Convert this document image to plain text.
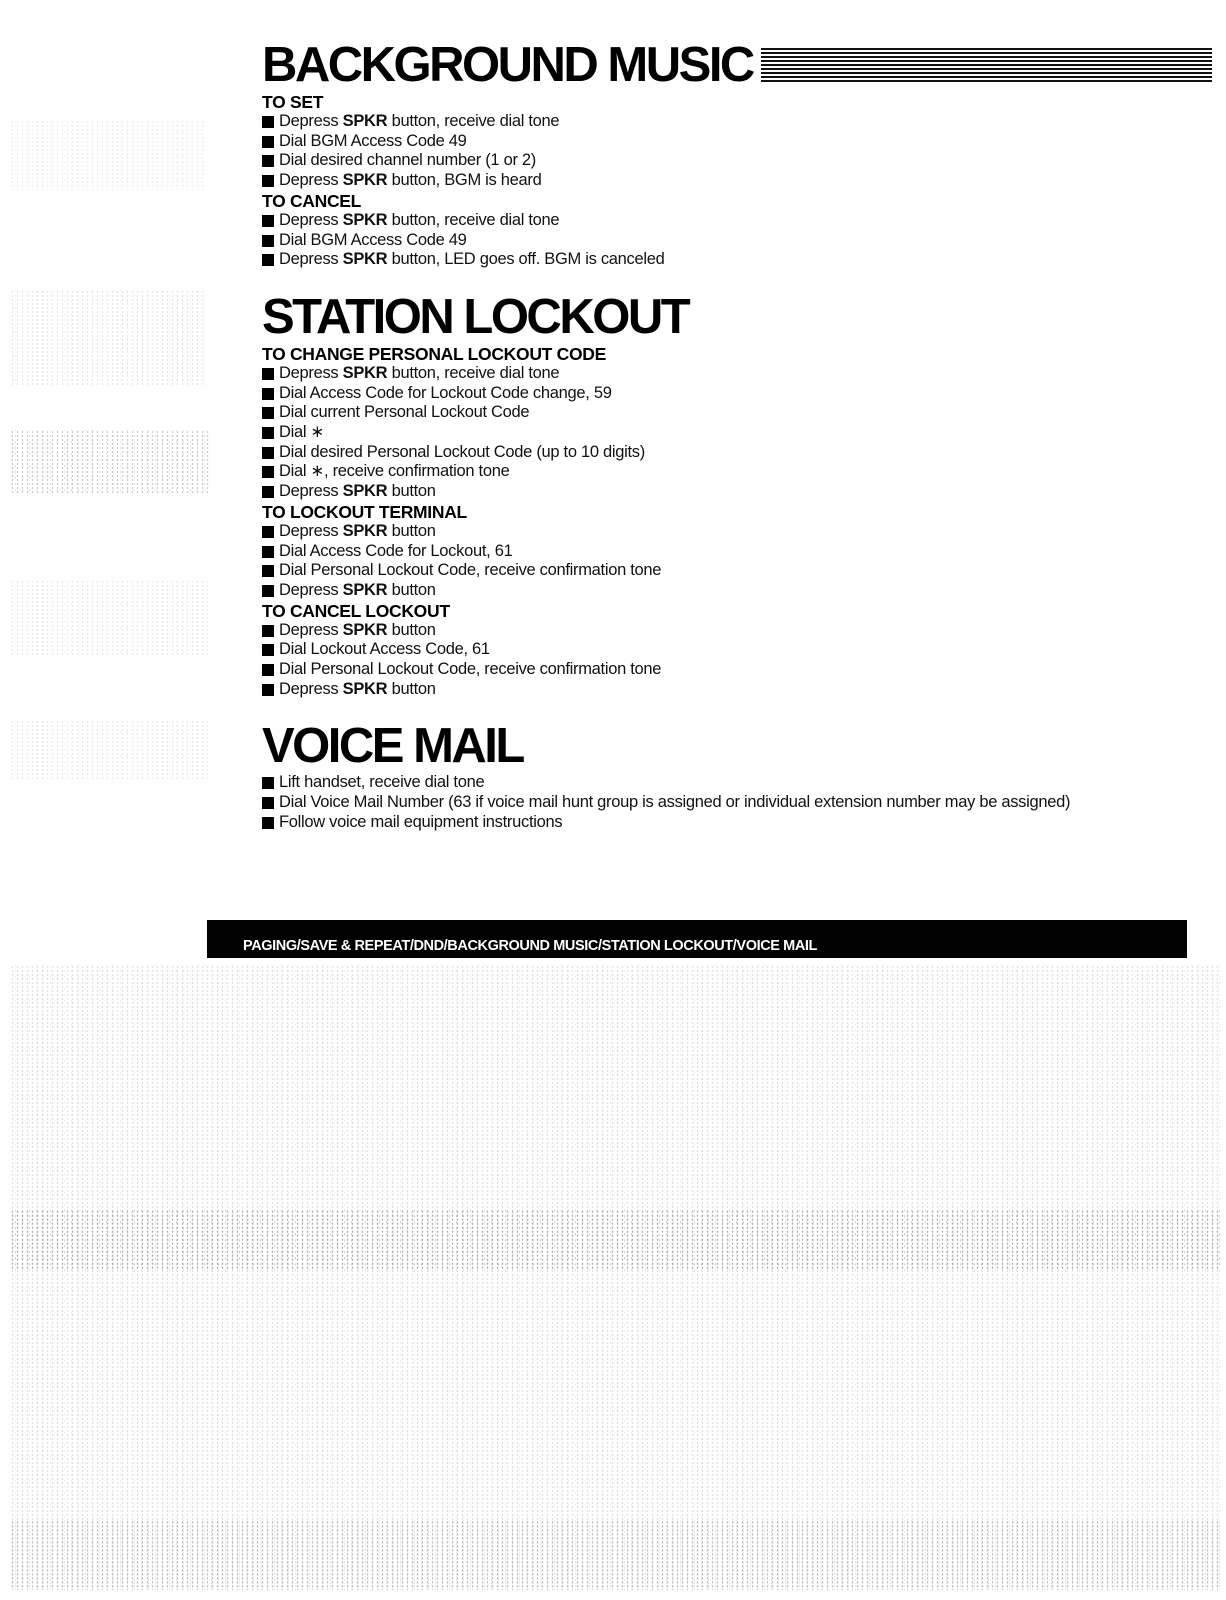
BACKGROUND MUSIC
TO SET
Depress SPKR button, receive dial tone
Dial BGM Access Code 49
Dial desired channel number (1 or 2)
Depress SPKR button, BGM is heard
TO CANCEL
Depress SPKR button, receive dial tone
Dial BGM Access Code 49
Depress SPKR button, LED goes off. BGM is canceled
STATION LOCKOUT
TO CHANGE PERSONAL LOCKOUT CODE
Depress SPKR button, receive dial tone
Dial Access Code for Lockout Code change, 59
Dial current Personal Lockout Code
Dial ∗
Dial desired Personal Lockout Code (up to 10 digits)
Dial ∗, receive confirmation tone
Depress SPKR button
TO LOCKOUT TERMINAL
Depress SPKR button
Dial Access Code for Lockout, 61
Dial Personal Lockout Code, receive confirmation tone
Depress SPKR button
TO CANCEL LOCKOUT
Depress SPKR button
Dial Lockout Access Code, 61
Dial Personal Lockout Code, receive confirmation tone
Depress SPKR button
VOICE MAIL
Lift handset, receive dial tone
Dial Voice Mail Number (63 if voice mail hunt group is assigned or individual extension number may be assigned)
Follow voice mail equipment instructions
PAGING/SAVE & REPEAT/DND/BACKGROUND MUSIC/STATION LOCKOUT/VOICE MAIL
